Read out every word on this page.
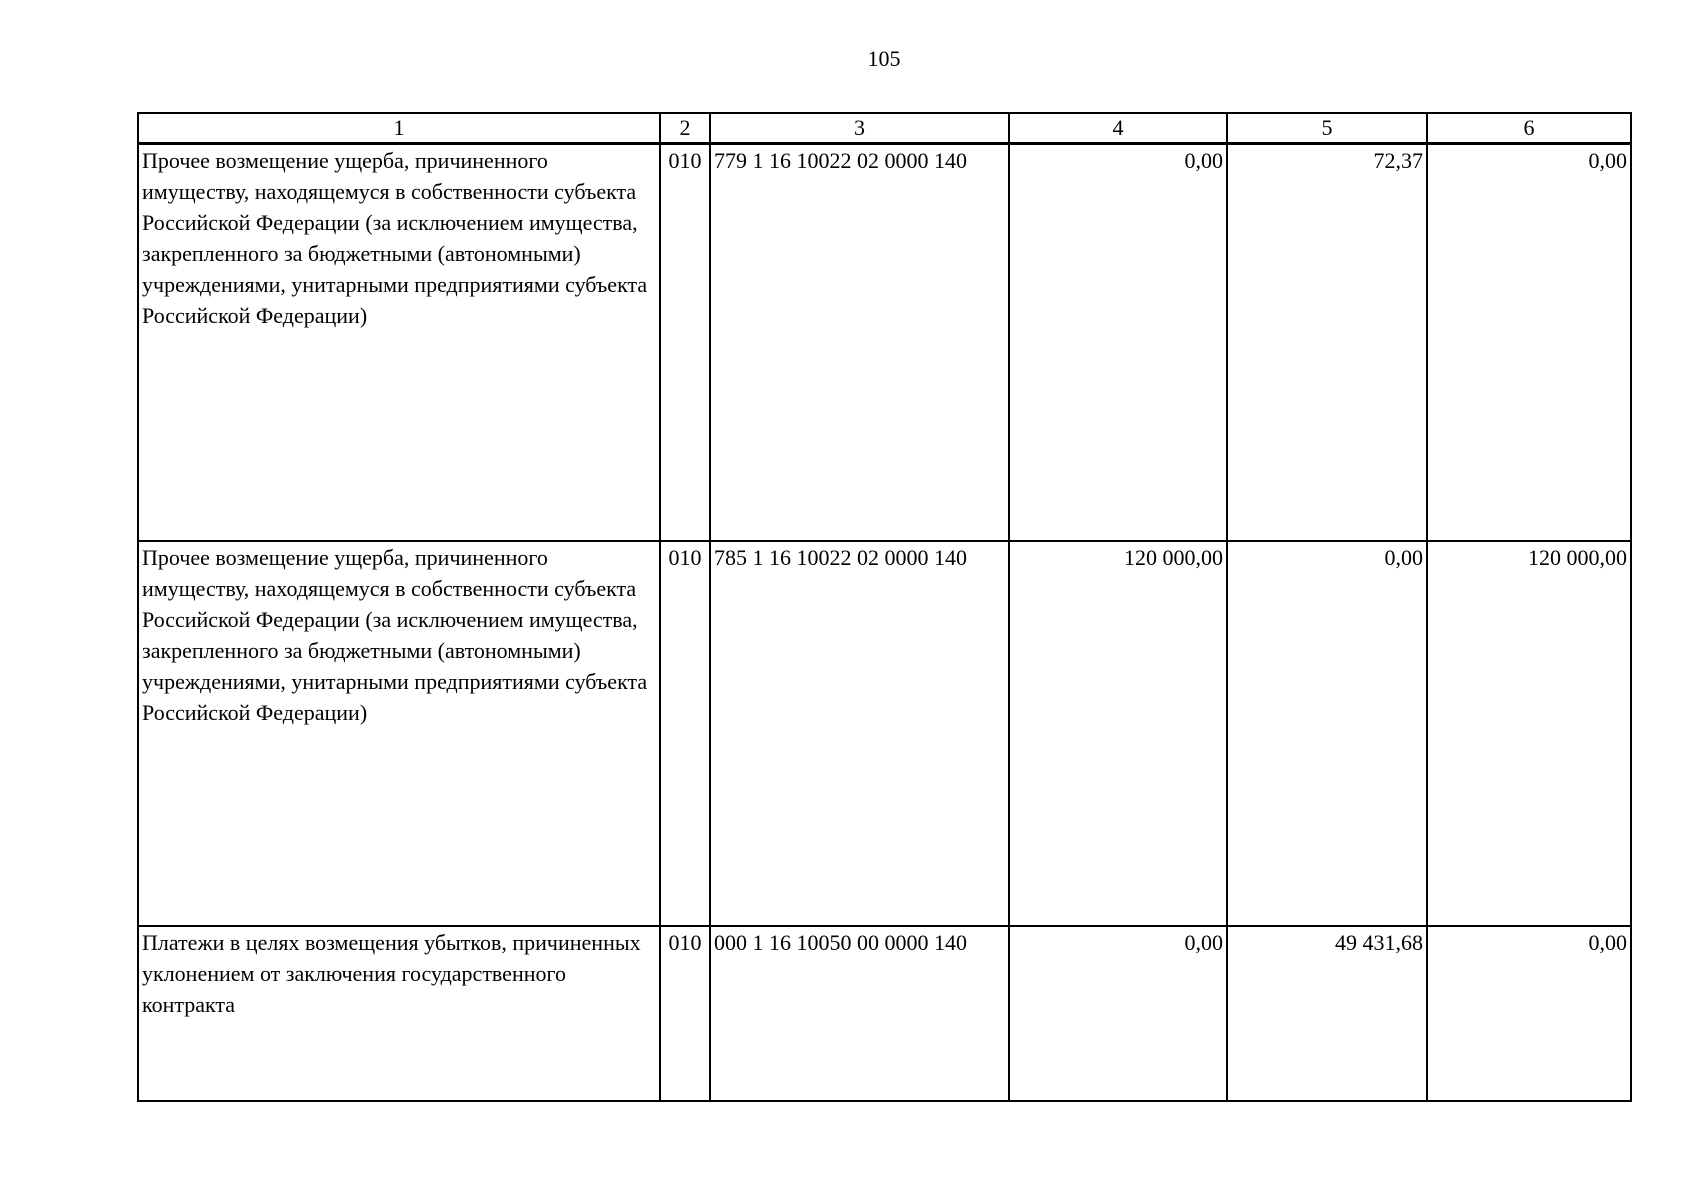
105
1	2	3	4	5	6
Прочее возмещение ущерба, причиненного имуществу, находящемуся в собственности субъекта Российской Федерации (за исключением имущества, закрепленного за бюджетными (автономными) учреждениями, унитарными предприятиями субъекта Российской Федерации)	010	779 1 16 10022 02 0000 140	0,00	72,37	0,00
Прочее возмещение ущерба, причиненного имуществу, находящемуся в собственности субъекта Российской Федерации (за исключением имущества, закрепленного за бюджетными (автономными) учреждениями, унитарными предприятиями субъекта Российской Федерации)	010	785 1 16 10022 02 0000 140	120 000,00	0,00	120 000,00
Платежи в целях возмещения убытков, причиненных уклонением от заключения государственного контракта	010	000 1 16 10050 00 0000 140	0,00	49 431,68	0,00
